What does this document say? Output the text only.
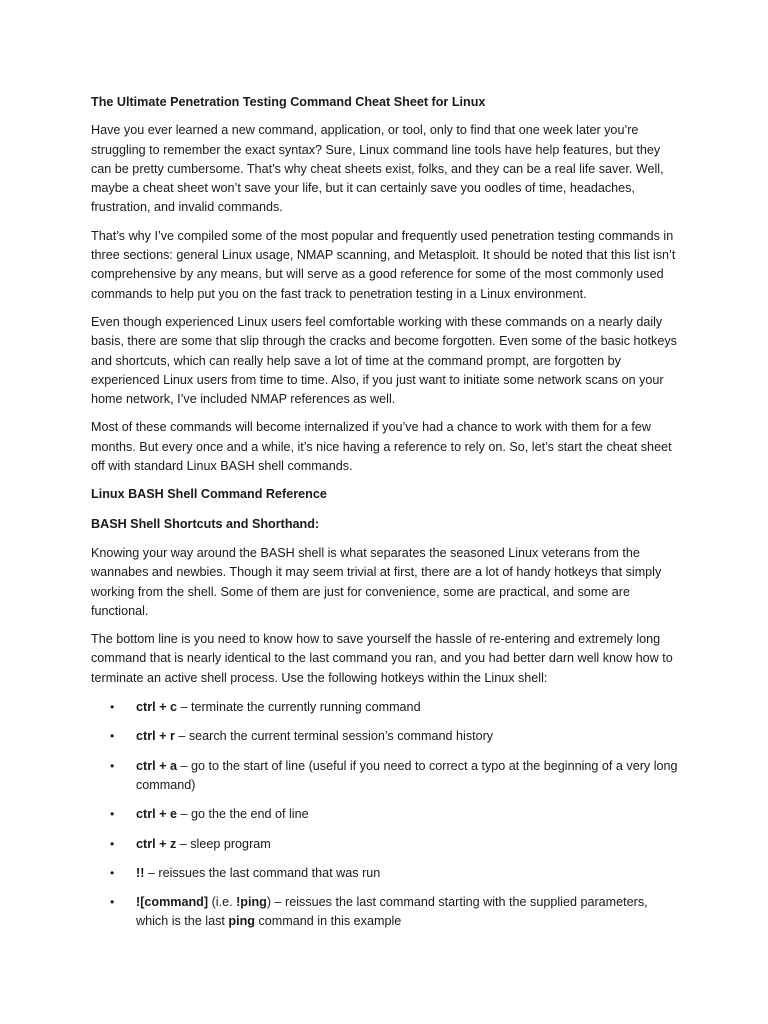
The Ultimate Penetration Testing Command Cheat Sheet for Linux

Have you ever learned a new command, application, or tool, only to find that one week later you’re struggling to remember the exact syntax? Sure, Linux command line tools have help features, but they can be pretty cumbersome. That’s why cheat sheets exist, folks, and they can be a real life saver. Well, maybe a cheat sheet won’t save your life, but it can certainly save you oodles of time, headaches, frustration, and invalid commands.

That’s why I’ve compiled some of the most popular and frequently used penetration testing commands in three sections: general Linux usage, NMAP scanning, and Metasploit. It should be noted that this list isn’t comprehensive by any means, but will serve as a good reference for some of the most commonly used commands to help put you on the fast track to penetration testing in a Linux environment.

Even though experienced Linux users feel comfortable working with these commands on a nearly daily basis, there are some that slip through the cracks and become forgotten. Even some of the basic hotkeys and shortcuts, which can really help save a lot of time at the command prompt, are forgotten by experienced Linux users from time to time. Also, if you just want to initiate some network scans on your home network, I’ve included NMAP references as well.

Most of these commands will become internalized if you’ve had a chance to work with them for a few months. But every once and a while, it’s nice having a reference to rely on. So, let’s start the cheat sheet off with standard Linux BASH shell commands.

Linux BASH Shell Command Reference
BASH Shell Shortcuts and Shorthand:

Knowing your way around the BASH shell is what separates the seasoned Linux veterans from the wannabes and newbies. Though it may seem trivial at first, there are a lot of handy hotkeys that simply working from the shell. Some of them are just for convenience, some are practical, and some are functional.

The bottom line is you need to know how to save yourself the hassle of re-entering and extremely long command that is nearly identical to the last command you ran, and you had better darn well know how to terminate an active shell process. Use the following hotkeys within the Linux shell:

• ctrl + c – terminate the currently running command
• ctrl + r – search the current terminal session’s command history
• ctrl + a – go to the start of line (useful if you need to correct a typo at the beginning of a very long command)
• ctrl + e – go the the end of line
• ctrl + z – sleep program
• !! – reissues the last command that was run
• ![command] (i.e. !ping) – reissues the last command starting with the supplied parameters, which is the last ping command in this example
